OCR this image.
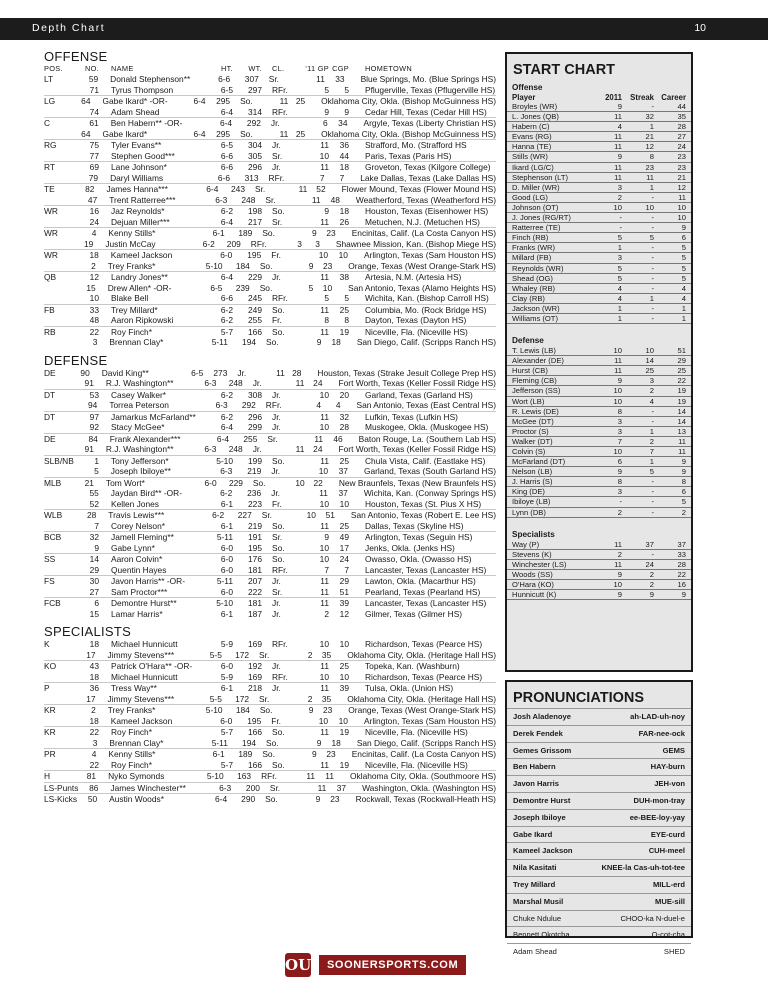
Depth Chart	10
OFFENSE
POS.	NO.	NAME	HT.	WT.	CL.	'11 GP CGP	HOMETOWN
LT	59	Donald Stephenson**	6-6	307	Sr.	11	33	Blue Springs, Mo. (Blue Springs HS)
71	Tyrus Thompson	6-5	297	RFr.	5	5	Pflugerville, Texas (Pflugerville HS)
LG	64	Gabe Ikard* -OR-	6-4	295	So.	11 25	Oklahoma City, Okla. (Bishop McGuinness HS)
74	Adam Shead	6-4	314	RFr.	9	9	Cedar Hill, Texas (Cedar Hill HS)
C	61	Ben Habern** -OR-	6-4	292	Jr.	6	34	Argyle, Texas (Liberty Christian HS)
64	Gabe Ikard*	6-4	295	So.	11 25	Oklahoma City, Okla. (Bishop McGuinness HS)
RG	75	Tyler Evans**	6-5	304	Jr.	11	36	Strafford, Mo. (Strafford HS
77	Stephen Good***	6-6	305	Sr.	10	44	Paris, Texas (Paris HS)
RT	69	Lane Johnson*	6-6	296	Jr.	11	18	Groveton, Texas (Kilgore College)
79	Daryl Williams	6-6	313	RFr.	7	7	Lake Dallas, Texas (Lake Dallas HS)
TE	82	James Hanna***	6-4	243	Sr.	11	52	Flower Mound, Texas (Flower Mound HS)
47	Trent Ratterree***	6-3	248	Sr.	11	48	Weatherford, Texas (Weatherford HS)
WR	16	Jaz Reynolds*	6-2	198	So.	9	18	Houston, Texas (Eisenhower HS)
24	Dejuan Miller***	6-4	217	Sr.	11	26	Metuchen, N.J. (Metuchen HS)
WR	4	Kenny Stills*	6-1	189	So.	9	23	Encinitas, Calif. (La Costa Canyon HS)
19	Justin McCay	6-2	209	RFr.	3	3	Shawnee Mission, Kan. (Bishop Miege HS)
WR	18	Kameel Jackson	6-0	195	Fr.	10	10	Arlington, Texas (Sam Houston HS)
2	Trey Franks*	5-10	184	So.	9	23	Orange, Texas (West Orange-Stark HS)
QB	12	Landry Jones**	6-4	229	Jr.	11	38	Artesia, N.M. (Artesia HS)
15	Drew Allen* -OR-	6-5	239	So.	5	10	San Antonio, Texas (Alamo Heights HS)
10	Blake Bell	6-6	245	RFr.	5	5	Wichita, Kan. (Bishop Carroll HS)
FB	33	Trey Millard*	6-2	249	So.	11	25	Columbia, Mo. (Rock Bridge HS)
48	Aaron Ripkowski	6-2	255	Fr.	8	8	Dayton, Texas (Dayton HS)
RB	22	Roy Finch*	5-7	166	So.	11	19	Niceville, Fla. (Niceville HS)
3	Brennan Clay*	5-11	194	So.	9	18	San Diego, Calif. (Scripps Ranch HS)
DEFENSE
DE	90	David King**	6-5	273	Jr.	11 28	Houston, Texas (Strake Jesuit College Prep HS)
91	R.J. Washington**	6-3	248	Jr.	11	24	Fort Worth, Texas (Keller Fossil Ridge HS)
DT	53	Casey Walker*	6-2	308	Jr.	10	20	Garland, Texas (Garland HS)
94	Torrea Peterson	6-3	292	RFr.	4	4	San Antonio, Texas (East Central HS)
DT	97	Jamarkus McFarland**	6-2	296	Jr.	11	32	Lufkin, Texas (Lufkin HS)
92	Stacy McGee*	6-4	299	Jr.	10	28	Muskogee, Okla. (Muskogee HS)
DE	84	Frank Alexander***	6-4	255	Sr.	11	46	Baton Rouge, La. (Southern Lab HS)
91	R.J. Washington**	6-3	248	Jr.	11	24	Fort Worth, Texas (Keller Fossil Ridge HS)
SLB/NB	1	Tony Jefferson*	5-10	199	So.	11	25	Chula Vista, Calif. (Eastlake HS)
5	Joseph Ibiloye**	6-3	219	Jr.	10	37	Garland, Texas (South Garland HS)
MLB	21	Tom Wort*	6-0	229	So.	10	22	New Braunfels, Texas (New Braunfels HS)
55	Jaydan Bird** -OR-	6-2	236	Jr.	11	37	Wichita, Kan. (Conway Springs HS)
52	Kellen Jones	6-1	223	Fr.	10	10	Houston, Texas (St. Pius X HS)
WLB	28	Travis Lewis***	6-2	227	Sr.	10	51	San Antonio, Texas (Robert E. Lee HS)
7	Corey Nelson*	6-1	219	So.	11	25	Dallas, Texas (Skyline HS)
BCB	32	Jamell Fleming**	5-11	191	Sr.	9	49	Arlington, Texas (Seguin HS)
9	Gabe Lynn*	6-0	195	So.	10	17	Jenks, Okla. (Jenks HS)
SS	14	Aaron Colvin*	6-0	176	So.	10	24	Owasso, Okla. (Owasso HS)
29	Quentin Hayes	6-0	181	RFr.	7	7	Lancaster, Texas (Lancaster HS)
FS	30	Javon Harris** -OR-	5-11	207	Jr.	11	29	Lawton, Okla. (Macarthur HS)
27	Sam Proctor***	6-0	222	Sr.	11	51	Pearland, Texas (Pearland HS)
FCB	6	Demontre Hurst**	5-10	181	Jr.	11	39	Lancaster, Texas (Lancaster HS)
15	Lamar Harris*	6-1	187	Jr.	2	12	Gilmer, Texas (Gilmer HS)
SPECIALISTS
K	18	Michael Hunnicutt	5-9	169	RFr.	10	10	Richardson, Texas (Pearce HS)
17	Jimmy Stevens***	5-5	172	Sr.	2	35	Oklahoma City, Okla. (Heritage Hall HS)
KO	43	Patrick O'Hara** -OR-	6-0	192	Jr.	11	25	Topeka, Kan. (Washburn)
18	Michael Hunnicutt	5-9	169	RFr.	10	10	Richardson, Texas (Pearce HS)
P	36	Tress Way**	6-1	218	Jr.	11	39	Tulsa, Okla. (Union HS)
17	Jimmy Stevens***	5-5	172	Sr.	2	35	Oklahoma City, Okla. (Heritage Hall HS)
KR	2	Trey Franks*	5-10	184	So.	9	23	Orange, Texas (West Orange-Stark HS)
18	Kameel Jackson	6-0	195	Fr.	10	10	Arlington, Texas (Sam Houston HS)
KR	22	Roy Finch*	5-7	166	So.	11	19	Niceville, Fla. (Niceville HS)
3	Brennan Clay*	5-11	194	So.	9	18	San Diego, Calif. (Scripps Ranch HS)
PR	4	Kenny Stills*	6-1	189	So.	9	23	Encinitas, Calif. (La Costa Canyon HS)
22	Roy Finch*	5-7	166	So.	11	19	Niceville, Fla. (Niceville HS)
H	81	Nyko Symonds	5-10	163	RFr.	11	11	Oklahoma City, Okla. (Southmoore HS)
LS-Punts	86	James Winchester**	6-3	200	Sr.	11	37	Washington, Okla. (Washington HS)
LS-Kicks	50	Austin Woods*	6-4	290	So.	9	23	Rockwall, Texas (Rockwall-Heath HS)
START CHART
Offense
Player	2011	Streak Career
Broyles (WR)	9	-	44
L. Jones (QB)	11	32	35
Habern (C)	4	1	28
Evans (RG)	11	21	27
Hanna (TE)	11	12	24
Stills (WR)	9	8	23
Ikard (LG/C)	11	23	23
Stephenson (LT)	11	11	21
D. Miller (WR)	3	1	12
Good (LG)	2	-	11
Johnson (OT)	10	10	10
J. Jones (RG/RT)	-	-	10
Ratterree (TE)	-	-	9
Finch (RB)	5	5	6
Franks (WR)	1	-	5
Millard (FB)	3	-	5
Reynolds (WR)	5	-	5
Shead (OG)	5	-	5
Whaley (RB)	4	-	4
Clay (RB)	4	1	4
Jackson (WR)	1	-	1
Williams (OT)	1	-	1
Defense
T. Lewis (LB)	10	10	51
Alexander (DE)	11	14	29
Hurst (CB)	11	25	25
Fleming (CB)	9	3	22
Jefferson (SS)	10	2	19
Wort (LB)	10	4	19
R. Lewis (DE)	8	-	14
McGee (DT)	3	-	14
Proctor (S)	3	1	13
Walker (DT)	7	2	11
Colvin (S)	10	7	11
McFarland (DT)	6	1	9
Nelson (LB)	9	5	9
J. Harris (S)	8	-	8
King (DE)	3	-	6
Ibiloye (LB)	-	-	5
Lynn (DB)	2	-	2
Specialists
Way (P)	11	37	37
Stevens (K)	2	-	33
Winchester (LS)	11	24	28
Woods (SS)	9	2	22
O'Hara (KO)	10	2	16
Hunnicutt (K)	9	9	9
PRONUNCIATIONS
Josh Aladenoye	ah-LAD-uh-noy
Derek Fendek	FAR-nee-ock
Gemes Grissom	GEMS
Ben Habern	HAY-burn
Javon Harris	JEH-von
Demontre Hurst	DUH-mon-tray
Joseph Ibiloye	ee-BEE-loy-yay
Gabe Ikard	EYE-curd
Kameel Jackson	CUH-meel
Nila Kasitati	KNEE-la Cas-uh-tot-tee
Trey Millard	MILL-erd
Marshal Musil	MUE-sill
Chuke Ndulue	CHOO-ka N-duel-e
Bennett Okotcha	O-cot-cha
Adam Shead	SHED
OU	SOONERSPORTS.COM
